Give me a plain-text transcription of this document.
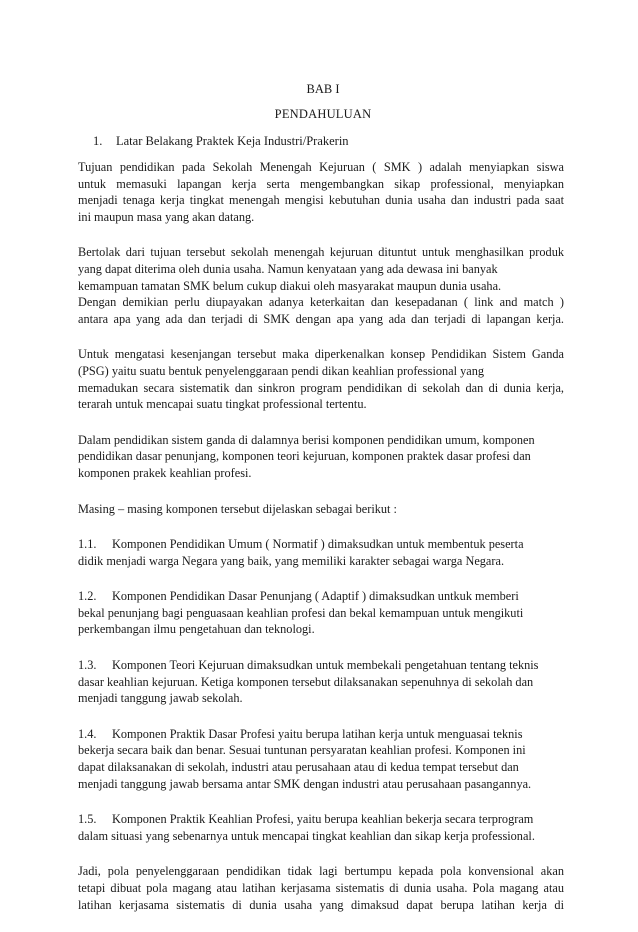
BAB I
PENDAHULUAN
1. Latar Belakang Praktek Keja Industri/Prakerin

Tujuan pendidikan pada Sekolah Menengah Kejuruan ( SMK ) adalah menyiapkan siswa
untuk memasuki lapangan kerja serta mengembangkan sikap professional, menyiapkan
menjadi tenaga kerja tingkat menengah mengisi kebutuhan dunia usaha dan industri pada saat
ini maupun masa yang akan datang.

Bertolak dari tujuan tersebut sekolah menengah kejuruan dituntut untuk menghasilkan produk
yang dapat diterima oleh dunia usaha. Namun kenyataan yang ada dewasa ini banyak
kemampuan tamatan SMK belum cukup diakui oleh masyarakat maupun dunia usaha.
Dengan demikian perlu diupayakan adanya keterkaitan dan kesepadanan ( link and match )
antara apa yang ada dan terjadi di SMK dengan apa yang ada dan terjadi di lapangan kerja.

Untuk mengatasi kesenjangan tersebut maka diperkenalkan konsep Pendidikan Sistem Ganda
(PSG) yaitu suatu bentuk penyelenggaraan pendi dikan keahlian professional yang
memadukan secara sistematik dan sinkron program pendidikan di sekolah dan di dunia kerja,
terarah untuk mencapai suatu tingkat professional tertentu.

Dalam pendidikan sistem ganda di dalamnya berisi komponen pendidikan umum, komponen
pendidikan dasar penunjang, komponen teori kejuruan, komponen praktek dasar profesi dan
komponen prakek keahlian profesi.

Masing – masing komponen tersebut dijelaskan sebagai berikut :

1.1. Komponen Pendidikan Umum ( Normatif ) dimaksudkan untuk membentuk peserta
didik menjadi warga Negara yang baik, yang memiliki karakter sebagai warga Negara.

1.2. Komponen Pendidikan Dasar Penunjang ( Adaptif ) dimaksudkan untkuk memberi
bekal penunjang bagi penguasaan keahlian profesi dan bekal kemampuan untuk mengikuti
perkembangan ilmu pengetahuan dan teknologi.

1.3. Komponen Teori Kejuruan dimaksudkan untuk membekali pengetahuan tentang teknis
dasar keahlian kejuruan. Ketiga komponen tersebut dilaksanakan sepenuhnya di sekolah dan
menjadi tanggung jawab sekolah.

1.4. Komponen Praktik Dasar Profesi yaitu berupa latihan kerja untuk menguasai teknis
bekerja secara baik dan benar. Sesuai tuntunan persyaratan keahlian profesi. Komponen ini
dapat dilaksanakan di sekolah, industri atau perusahaan atau di kedua tempat tersebut dan
menjadi tanggung jawab bersama antar SMK dengan industri atau perusahaan pasangannya.

1.5. Komponen Praktik Keahlian Profesi, yaitu berupa keahlian bekerja secara terprogram
dalam situasi yang sebenarnya untuk mencapai tingkat keahlian dan sikap kerja professional.

Jadi, pola penyelenggaraan pendidikan tidak lagi bertumpu kepada pola konvensional akan
tetapi dibuat pola magang atau latihan kerjasama sistematis di dunia usaha. Pola magang atau
latihan kerjasama sistematis di dunia usaha yang dimaksud dapat berupa latihan kerja di
